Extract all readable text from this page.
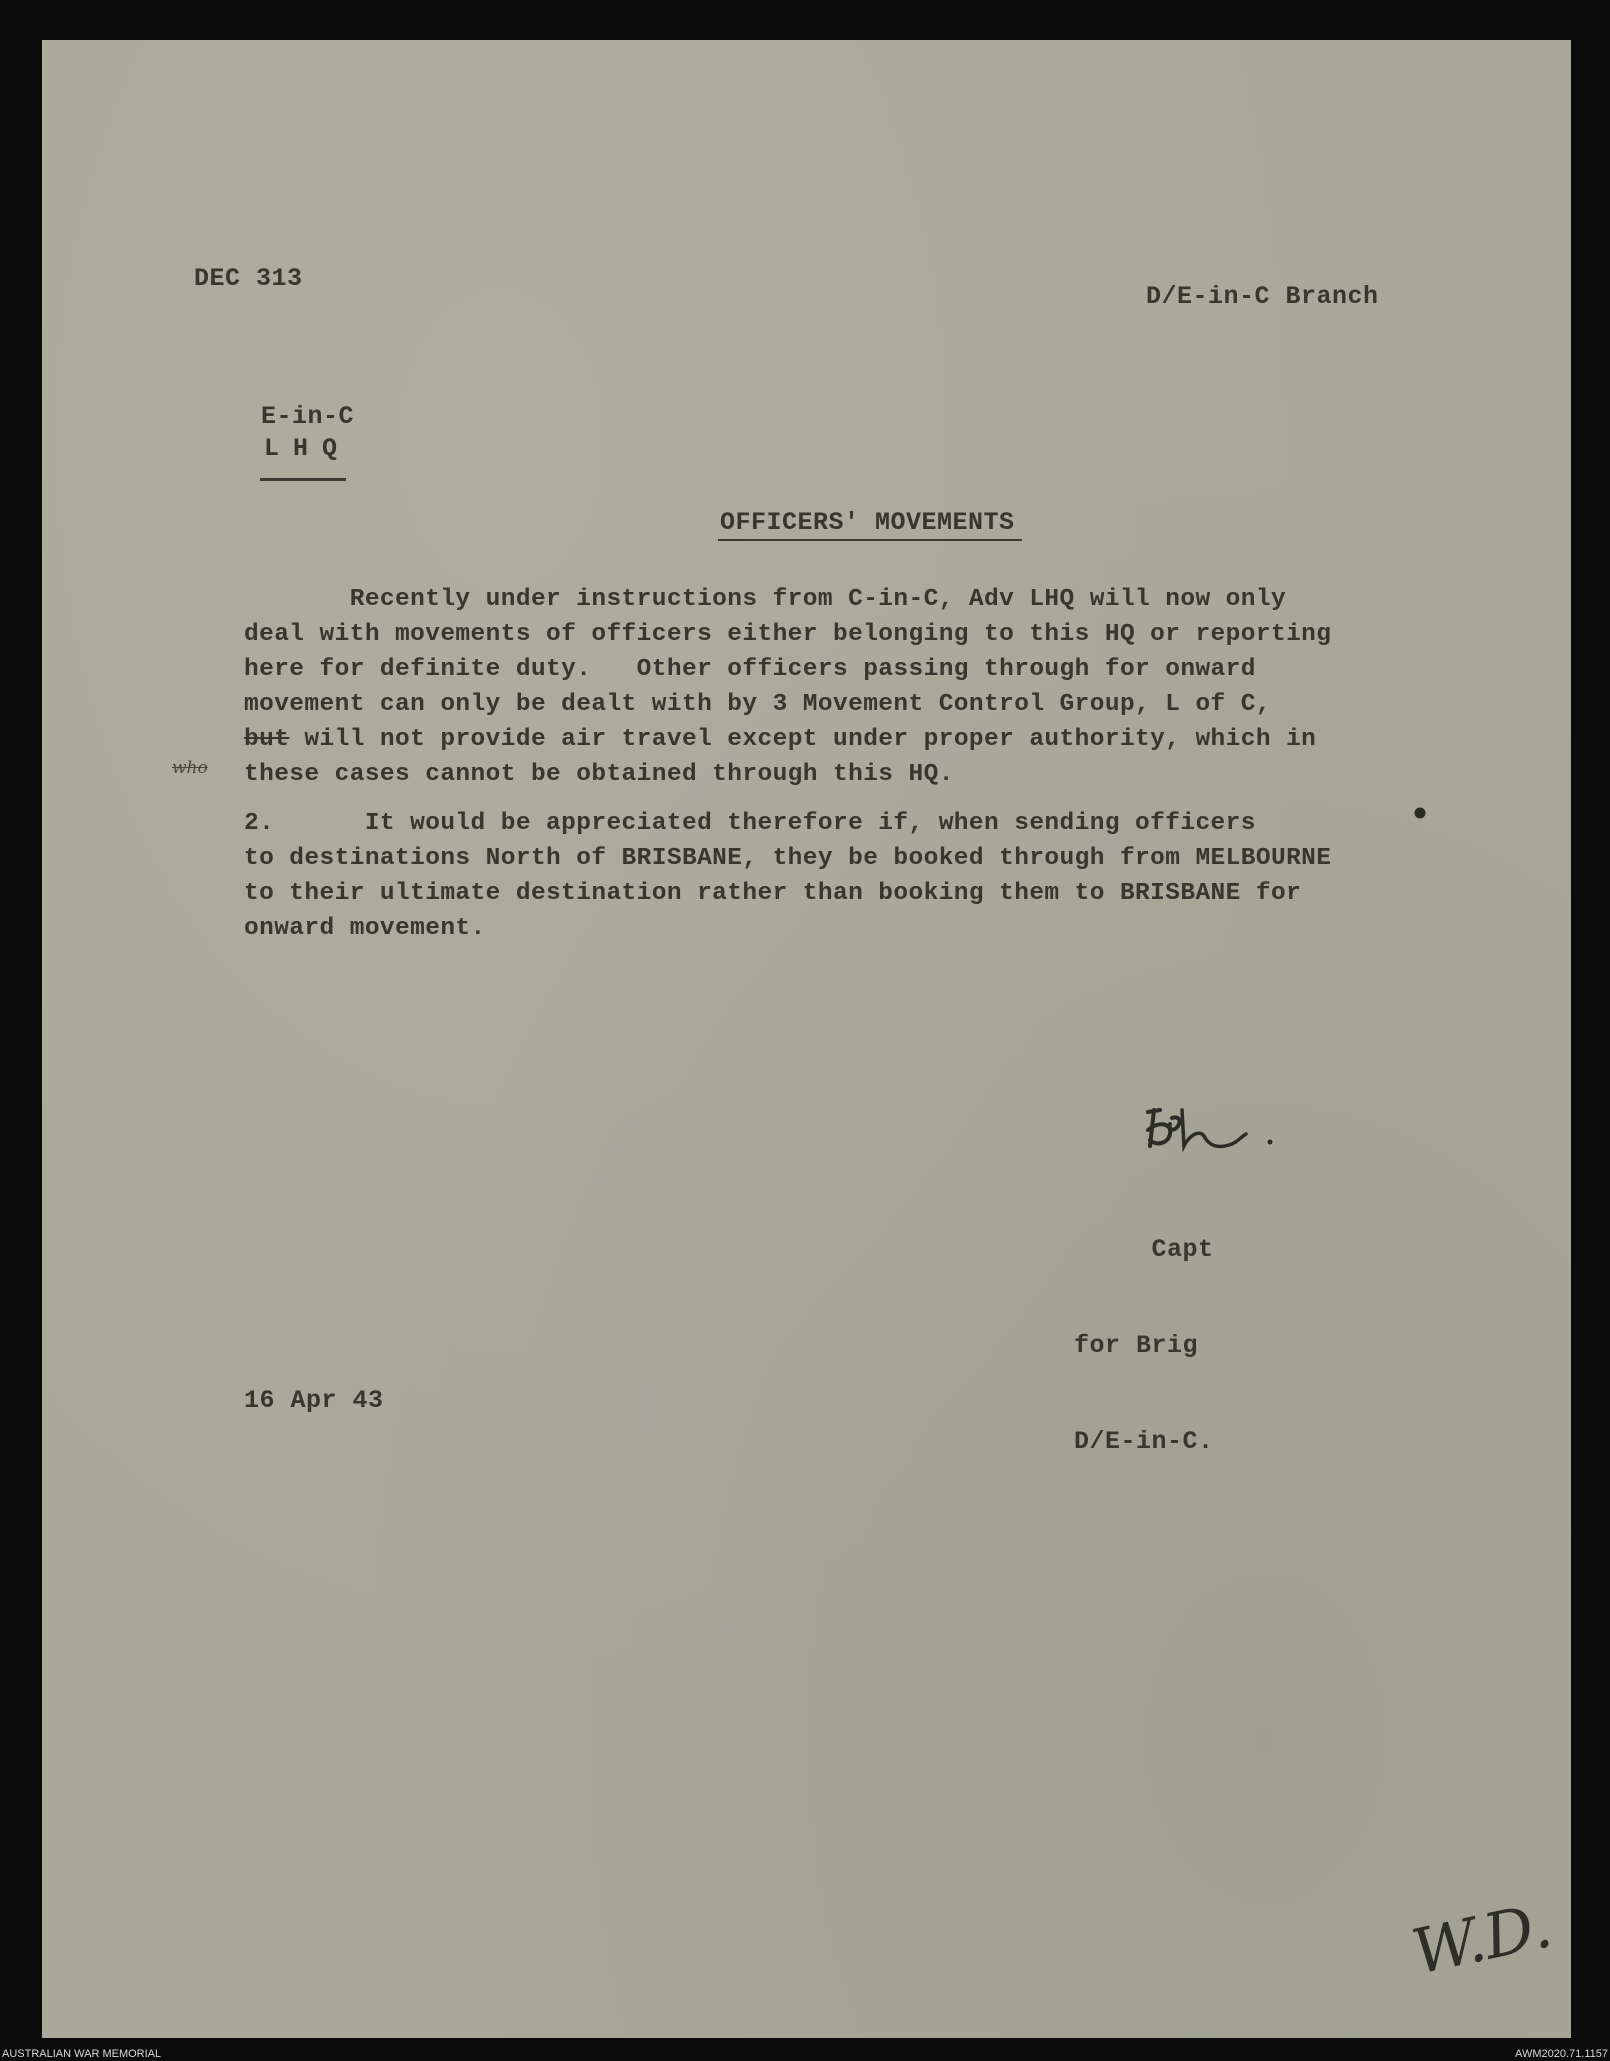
DEC 313
D/E-in-C Branch
E-in-C
LHQ
OFFICERS' MOVEMENTS
Recently under instructions from C-in-C, Adv LHQ will now only
deal with movements of officers either belonging to this HQ or reporting
here for definite duty.   Other officers passing through for onward
movement can only be dealt with by 3 Movement Control Group, L of C,
but will not provide air travel except under proper authority, which in
these cases cannot be obtained through this HQ.
who
2.      It would be appreciated therefore if, when sending officers
to destinations North of BRISBANE, they be booked through from MELBOURNE
to their ultimate destination rather than booking them to BRISBANE for
onward movement.

Capt

for Brig

D/E-in-C.

16 Apr 43
W.D.
AUSTRALIAN WAR MEMORIAL	AWM2020.71.1157
